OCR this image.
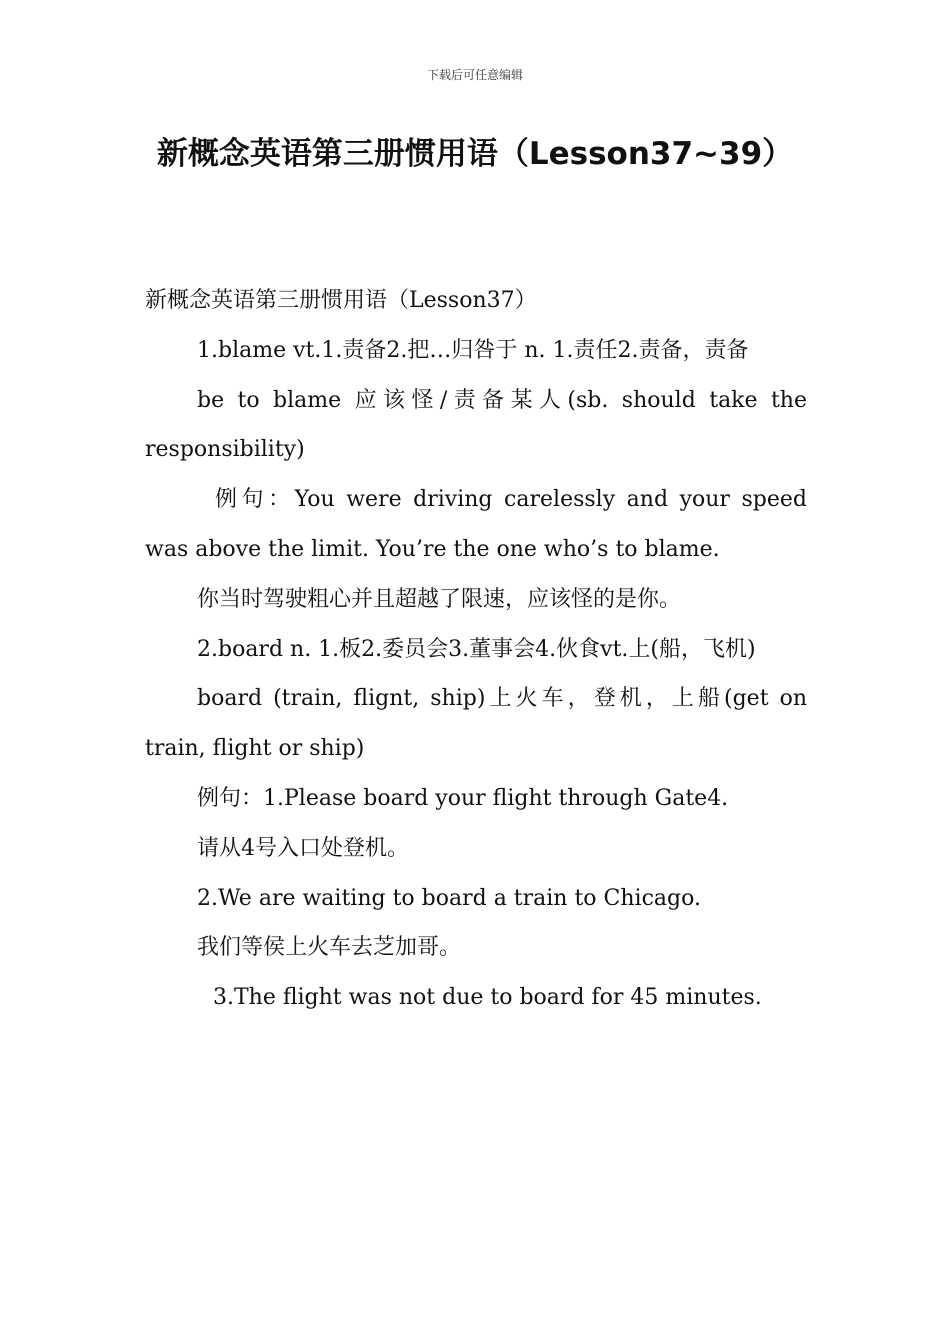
下载后可任意编辑
新概念英语第三册惯用语（Lesson37~39）

新概念英语第三册惯用语（Lesson37）

1.blame vt.1.责备2.把…归咎于 n. 1.责任2.责备，责备

be to blame 应该怪/责备某人(sb. should take the responsibility)

例句：You were driving carelessly and your speed was above the limit. You’re the one who’s to blame.

你当时驾驶粗心并且超越了限速，应该怪的是你。

2.board n. 1.板2.委员会3.董事会4.伙食vt.上(船，飞机)

board (train, flignt, ship)上火车，登机，上船(get on train, flight or ship)

例句：1.Please board your flight through Gate4.

请从4号入口处登机。

2.We are waiting to board a train to Chicago.

我们等侯上火车去芝加哥。

3.The flight was not due to board for 45 minutes.
